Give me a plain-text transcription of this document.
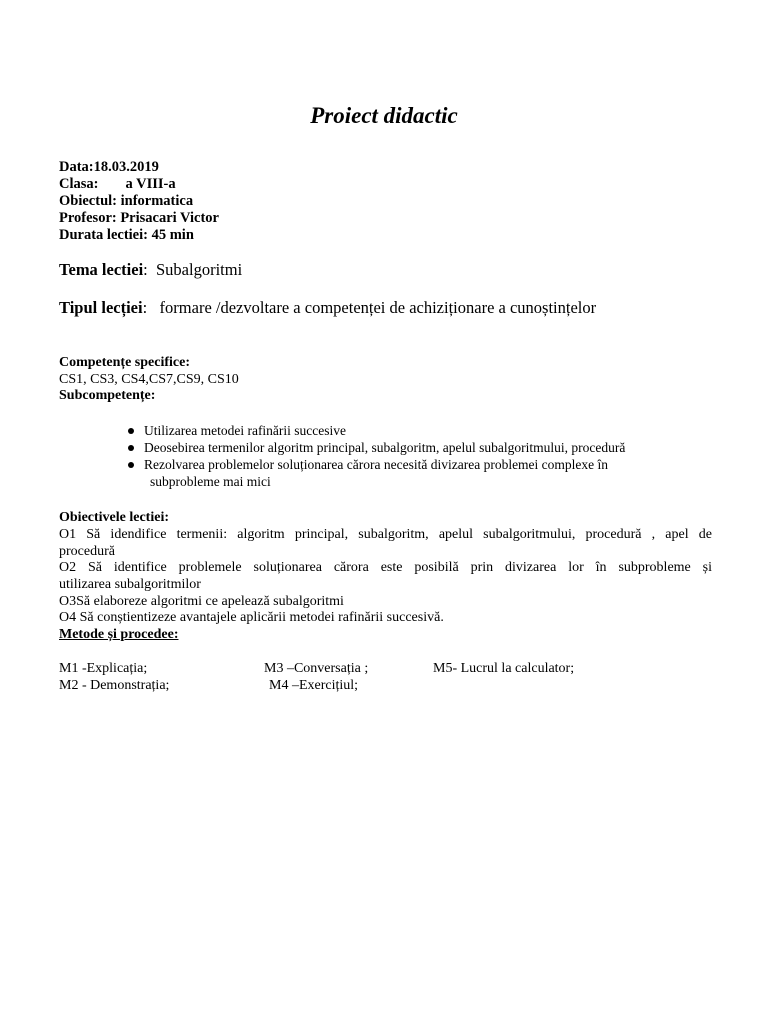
Proiect didactic
Data:18.03.2019
Clasa: a VIII-a
Obiectul: informatica
Profesor: Prisacari Victor
Durata lectiei: 45 min
Tema lectiei: Subalgoritmi
Tipul lecției: formare /dezvoltare a competenței de achiziționare a cunoștințelor
Competențe specifice:
CS1, CS3, CS4,CS7,CS9, CS10
Subcompetențe:
Utilizarea metodei rafinării succesive
Deosebirea termenilor algoritm principal, subalgoritm, apelul subalgoritmului, procedură
Rezolvarea problemelor soluționarea cărora necesită divizarea problemei complexe în
subprobleme mai mici
Obiectivele lectiei:
O1 Să idendifice termenii: algoritm principal, subalgoritm, apelul subalgoritmului, procedură , apel de
procedură
O2 Să identifice problemele soluționarea cărora este posibilă prin divizarea lor în subprobleme și
utilizarea subalgoritmilor
O3Să elaboreze algoritmi ce apelează subalgoritmi
O4 Să conștientizeze avantajele aplicării metodei rafinării succesivă.
Metode și procedee:
M1 -Explicația;
M2 - Demonstrația;
M3 –Conversația ;
M4 –Exercițiul;
M5- Lucrul la calculator;
